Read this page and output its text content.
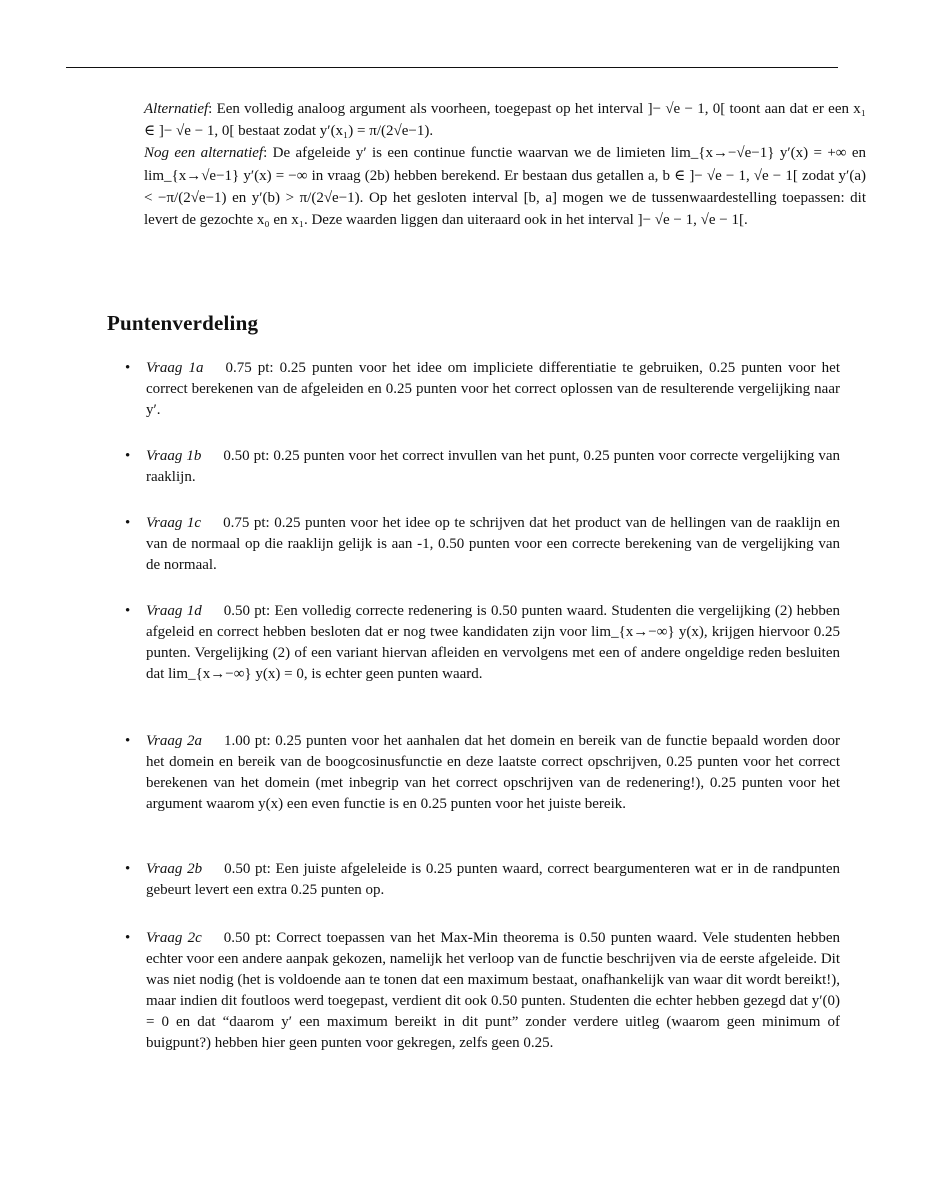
Alternatief: Een volledig analoog argument als voorheen, toegepast op het interval ]− √e − 1, 0[ toont aan dat er een x₁ ∈ ]− √e − 1, 0[ bestaat zodat y′(x₁) = π/(2√e−1).

Nog een alternatief: De afgeleide y′ is een continue functie waarvan we de limieten lim_{x→−√e−1} y′(x) = +∞ en lim_{x→√e−1} y′(x) = −∞ in vraag (2b) hebben berekend. Er bestaan dus getallen a, b ∈ ]− √e − 1, √e − 1[ zodat y′(a) < −π/(2√e−1) en y′(b) > π/(2√e−1). Op het gesloten interval [b, a] mogen we de tussenwaardestelling toepassen: dit levert de gezochte x₀ en x₁. Deze waarden liggen dan uiteraard ook in het interval ]− √e − 1, √e − 1[.

Puntenverdeling
• Vraag 1a 0.75 pt: 0.25 punten voor het idee om impliciete differentiatie te gebruiken, 0.25 punten voor het correct berekenen van de afgeleiden en 0.25 punten voor het correct oplossen van de resulterende vergelijking naar y′.
• Vraag 1b 0.50 pt: 0.25 punten voor het correct invullen van het punt, 0.25 punten voor correcte vergelijking van raaklijn.
• Vraag 1c 0.75 pt: 0.25 punten voor het idee op te schrijven dat het product van de hellingen van de raaklijn en van de normaal op die raaklijn gelijk is aan -1, 0.50 punten voor een correcte berekening van de vergelijking van de normaal.
• Vraag 1d 0.50 pt: Een volledig correcte redenering is 0.50 punten waard. Studenten die vergelijking (2) hebben afgeleid en correct hebben besloten dat er nog twee kandidaten zijn voor lim_{x→−∞} y(x), krijgen hiervoor 0.25 punten. Vergelijking (2) of een variant hiervan afleiden en vervolgens met een of andere ongeldige reden besluiten dat lim_{x→−∞} y(x) = 0, is echter geen punten waard.
• Vraag 2a 1.00 pt: 0.25 punten voor het aanhalen dat het domein en bereik van de functie bepaald worden door het domein en bereik van de boogcosinusfunctie en deze laatste correct opschrijven, 0.25 punten voor het correct berekenen van het domein (met inbegrip van het correct opschrijven van de redenering!), 0.25 punten voor het argument waarom y(x) een even functie is en 0.25 punten voor het juiste bereik.
• Vraag 2b 0.50 pt: Een juiste afgeleleide is 0.25 punten waard, correct beargumenteren wat er in de randpunten gebeurt levert een extra 0.25 punten op.
• Vraag 2c 0.50 pt: Correct toepassen van het Max-Min theorema is 0.50 punten waard. Vele studenten hebben echter voor een andere aanpak gekozen, namelijk het verloop van de functie beschrijven via de eerste afgeleide. Dit was niet nodig (het is voldoende aan te tonen dat een maximum bestaat, onafhankelijk van waar dit wordt bereikt!), maar indien dit foutloos werd toegepast, verdient dit ook 0.50 punten. Studenten die echter hebben gezegd dat y′(0) = 0 en dat “daarom y′ een maximum bereikt in dit punt” zonder verdere uitleg (waarom geen minimum of buigpunt?) hebben hier geen punten voor gekregen, zelfs geen 0.25.
